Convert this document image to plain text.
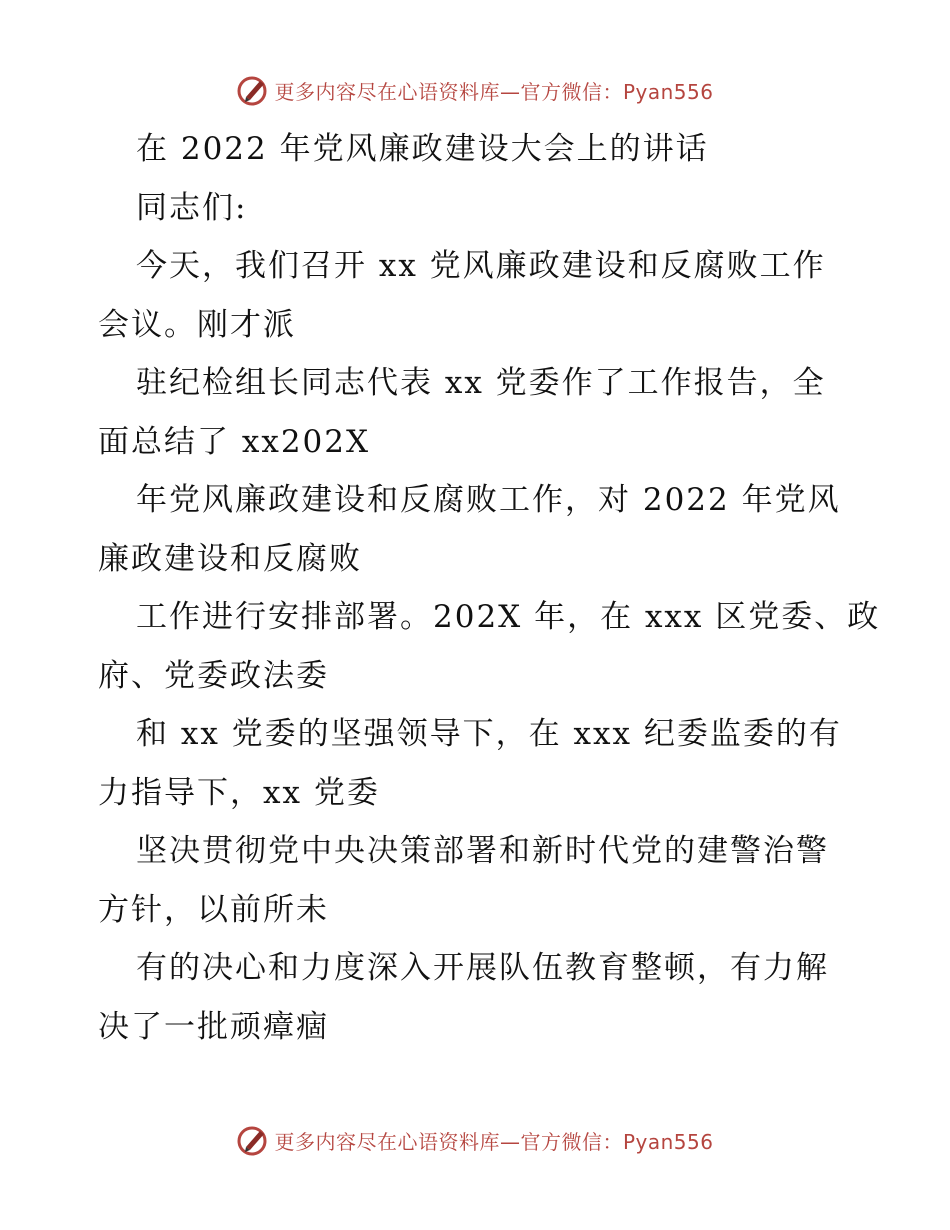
更多内容尽在心语资料库—官方微信：Pyan556
在 2022 年党风廉政建设大会上的讲话
同志们:
今天，我们召开 xx 党风廉政建设和反腐败工作
会议。刚才派
驻纪检组长同志代表 xx 党委作了工作报告，全
面总结了 xx202X
年党风廉政建设和反腐败工作，对 2022 年党风
廉政建设和反腐败
工作进行安排部署。202X 年，在 xxx 区党委、政
府、党委政法委
和 xx 党委的坚强领导下，在 xxx 纪委监委的有
力指导下，xx 党委
坚决贯彻党中央决策部署和新时代党的建警治警
方针，以前所未
有的决心和力度深入开展队伍教育整顿，有力解
决了一批顽瘴痼
更多内容尽在心语资料库—官方微信：Pyan556
